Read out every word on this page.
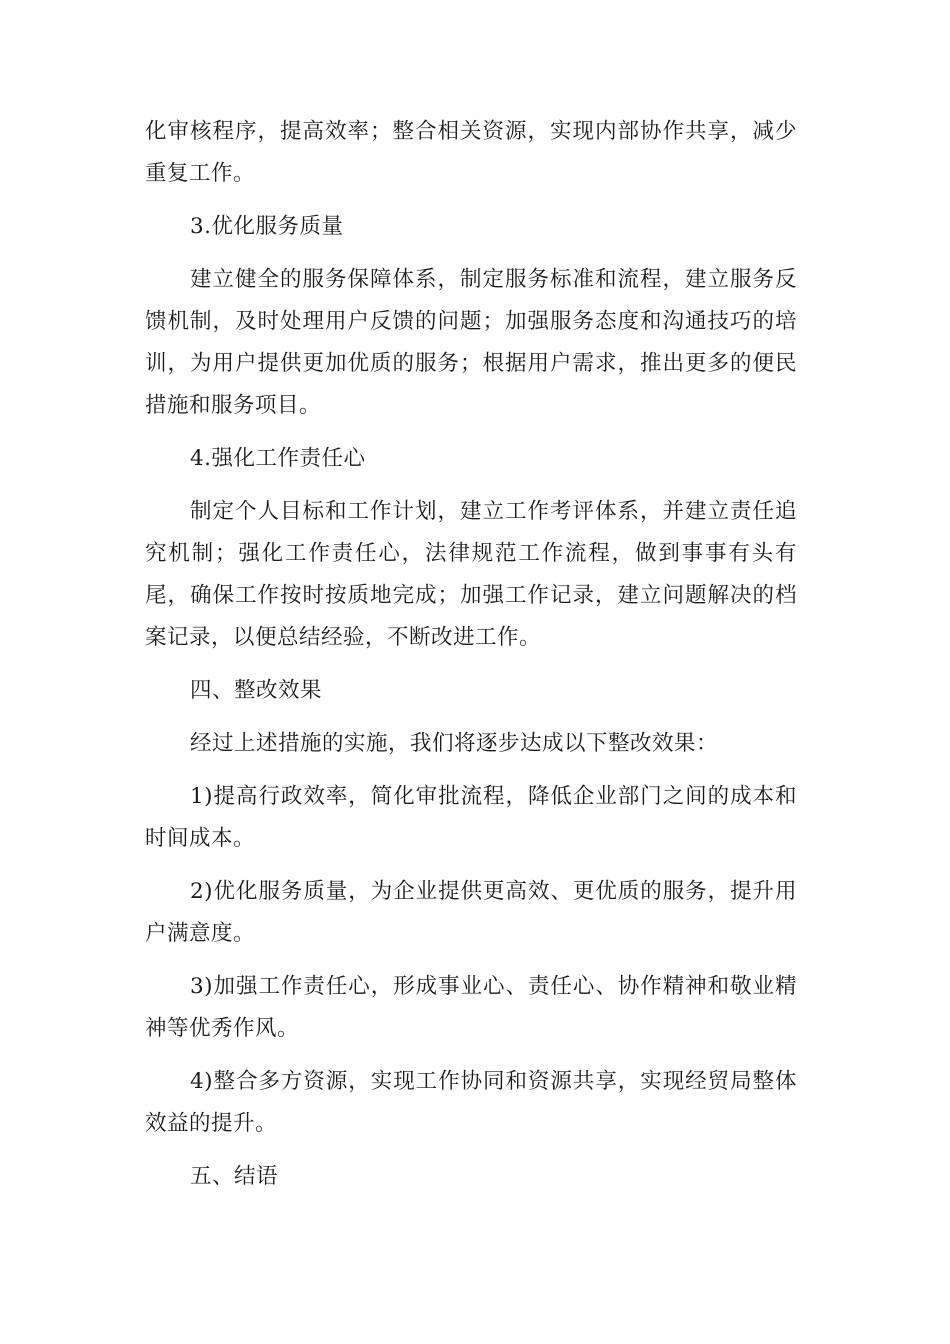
化审核程序，提高效率；整合相关资源，实现内部协作共享，减少重复工作。

3.优化服务质量

建立健全的服务保障体系，制定服务标准和流程，建立服务反馈机制，及时处理用户反馈的问题；加强服务态度和沟通技巧的培训，为用户提供更加优质的服务；根据用户需求，推出更多的便民措施和服务项目。

4.强化工作责任心

制定个人目标和工作计划，建立工作考评体系，并建立责任追究机制；强化工作责任心，法律规范工作流程，做到事事有头有尾，确保工作按时按质地完成；加强工作记录，建立问题解决的档案记录，以便总结经验，不断改进工作。

四、整改效果

经过上述措施的实施，我们将逐步达成以下整改效果：

1)提高行政效率，简化审批流程，降低企业部门之间的成本和时间成本。

2)优化服务质量，为企业提供更高效、更优质的服务，提升用户满意度。

3)加强工作责任心，形成事业心、责任心、协作精神和敬业精神等优秀作风。

4)整合多方资源，实现工作协同和资源共享，实现经贸局整体效益的提升。

五、结语
